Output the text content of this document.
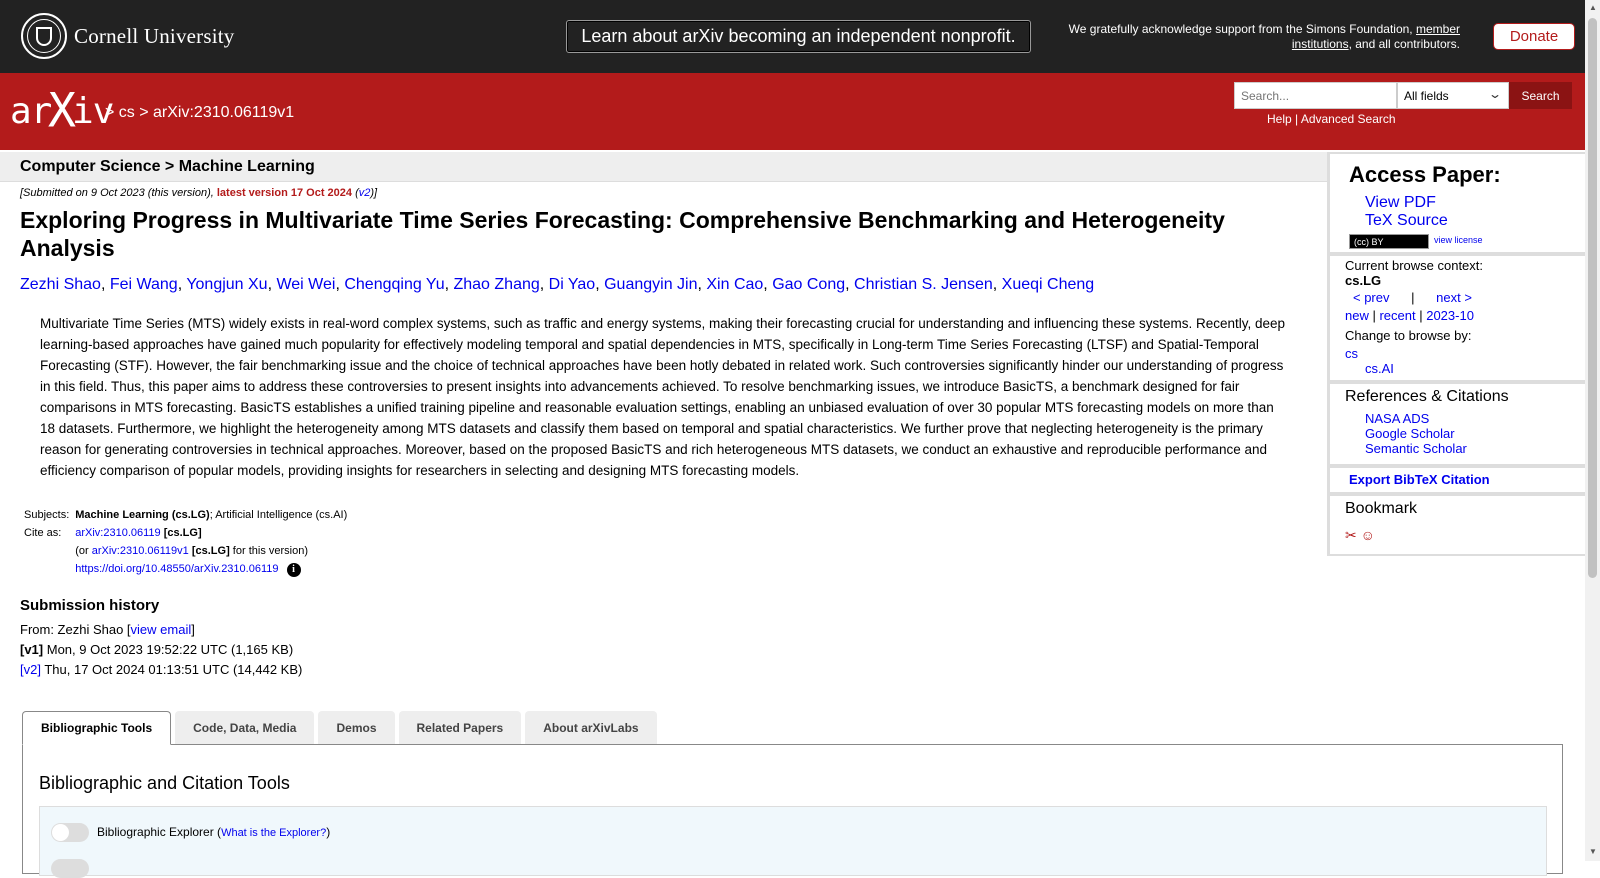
Cornell University	Learn about arXiv becoming an independent nonprofit.	We gratefully acknowledge support from the Simons Foundation, member institutions, and all contributors.	Donate
arXiv
> cs > arXiv:2310.06119v1
Search...
All fields	⌄	Search
Help | Advanced Search
Computer Science > Machine Learning
[Submitted on 9 Oct 2023 (this version), latest version 17 Oct 2024 (v2)]
Exploring Progress in Multivariate Time Series Forecasting: Comprehensive Benchmarking and Heterogeneity Analysis
Zezhi Shao, Fei Wang, Yongjun Xu, Wei Wei, Chengqing Yu, Zhao Zhang, Di Yao, Guangyin Jin, Xin Cao, Gao Cong, Christian S. Jensen, Xueqi Cheng
Multivariate Time Series (MTS) widely exists in real-word complex systems, such as traffic and energy systems, making their forecasting crucial for understanding and influencing these systems. Recently, deep learning-based approaches have gained much popularity for effectively modeling temporal and spatial dependencies in MTS, specifically in Long-term Time Series Forecasting (LTSF) and Spatial-Temporal Forecasting (STF). However, the fair benchmarking issue and the choice of technical approaches have been hotly debated in related work. Such controversies significantly hinder our understanding of progress in this field. Thus, this paper aims to address these controversies to present insights into advancements achieved. To resolve benchmarking issues, we introduce BasicTS, a benchmark designed for fair comparisons in MTS forecasting. BasicTS establishes a unified training pipeline and reasonable evaluation settings, enabling an unbiased evaluation of over 30 popular MTS forecasting models on more than 18 datasets. Furthermore, we highlight the heterogeneity among MTS datasets and classify them based on temporal and spatial characteristics. We further prove that neglecting heterogeneity is the primary reason for generating controversies in technical approaches. Moreover, based on the proposed BasicTS and rich heterogeneous MTS datasets, we conduct an exhaustive and reproducible performance and efficiency comparison of popular models, providing insights for researchers in selecting and designing MTS forecasting models.
Subjects:	Machine Learning (cs.LG); Artificial Intelligence (cs.AI)
Cite as:	arXiv:2310.06119 [cs.LG]
	(or arXiv:2310.06119v1 [cs.LG] for this version)
	https://doi.org/10.48550/arXiv.2310.06119 i
Submission history
From: Zezhi Shao [view email]
[v1] Mon, 9 Oct 2023 19:52:22 UTC (1,165 KB)
[v2] Thu, 17 Oct 2024 01:13:51 UTC (14,442 KB)
Bibliographic Tools	Code, Data, Media	Demos	Related Papers	About arXivLabs
Bibliographic and Citation Tools
Bibliographic Explorer (What is the Explorer?)
Access Paper:
View PDF
TeX Source
(cc) BY	view license
Current browse context:
cs.LG
< prev | next >
new | recent | 2023-10
Change to browse by:
cs
cs.AI
References & Citations
NASA ADS
Google Scholar
Semantic Scholar
Export BibTeX Citation
Bookmark
✂ ☺
▲
▼
